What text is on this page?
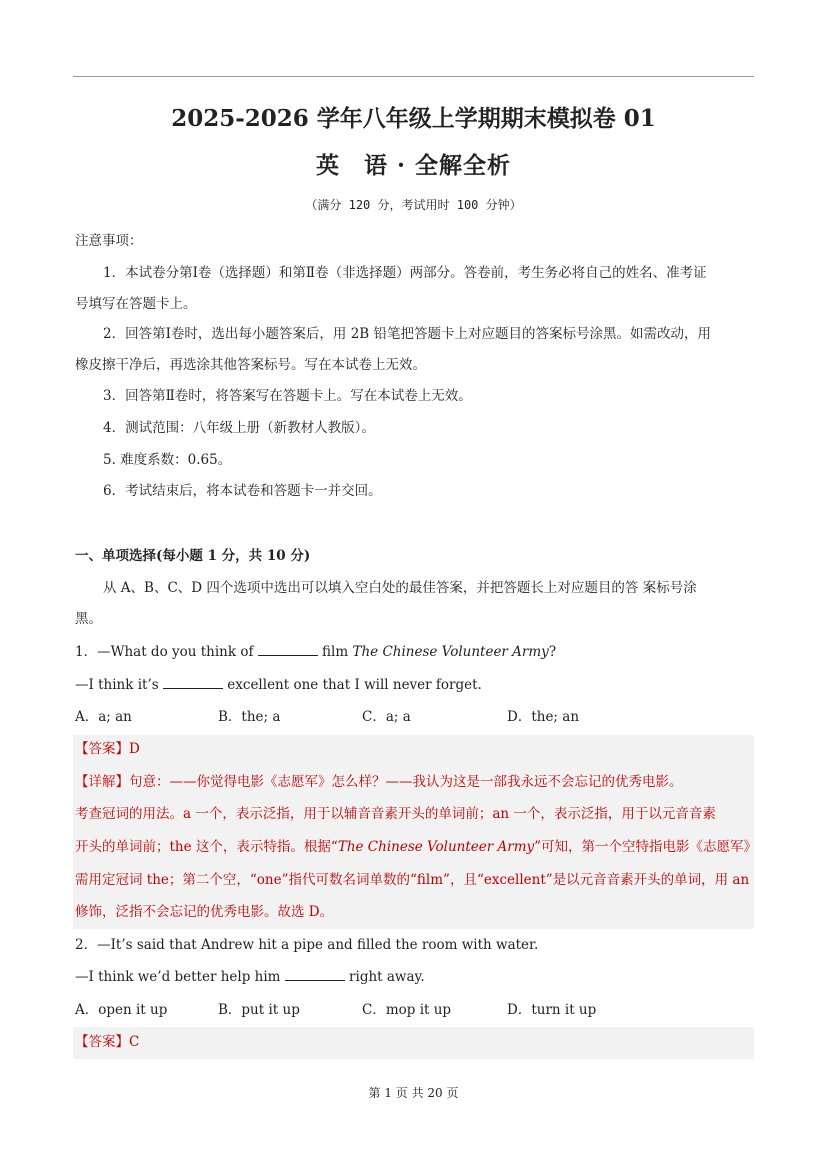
2025-2026 学年八年级上学期期末模拟卷 01
英　语 · 全解全析
（满分 120 分，考试用时 100 分钟）
注意事项：
1．本试卷分第Ⅰ卷（选择题）和第Ⅱ卷（非选择题）两部分。答卷前，考生务必将自己的姓名、准考证
号填写在答题卡上。
2．回答第Ⅰ卷时，选出每小题答案后，用 2B 铅笔把答题卡上对应题目的答案标号涂黑。如需改动，用
橡皮擦干净后，再选涂其他答案标号。写在本试卷上无效。
3．回答第Ⅱ卷时，将答案写在答题卡上。写在本试卷上无效。
4．测试范围：八年级上册（新教材人教版）。
5. 难度系数：0.65。
6．考试结束后，将本试卷和答题卡一并交回。
一、单项选择(每小题 1 分，共 10 分)
从 A、B、C、D 四个选项中选出可以填入空白处的最佳答案，并把答题长上对应题目的答 案标号涂
黑。
1．—What do you think of	film The Chinese Volunteer Army?
—I think it’s	excellent one that I will never forget.
A．a; an	B．the; a	C．a; a	D．the; an
【答案】D
【详解】句意：——你觉得电影《志愿军》怎么样？——我认为这是一部我永远不会忘记的优秀电影。
考查冠词的用法。a 一个，表示泛指，用于以辅音音素开头的单词前；an 一个，表示泛指，用于以元音音素
开头的单词前；the 这个，表示特指。根据“The Chinese Volunteer Army”可知，第一个空特指电影《志愿军》
需用定冠词 the；第二个空，“one”指代可数名词单数的“film”，且“excellent”是以元音音素开头的单词，用 an
修饰，泛指不会忘记的优秀电影。故选 D。
2．—It’s said that Andrew hit a pipe and filled the room with water.
—I think we’d better help him	right away.
A．open it up	B．put it up	C．mop it up	D．turn it up
【答案】C
第 1 页 共 20 页
